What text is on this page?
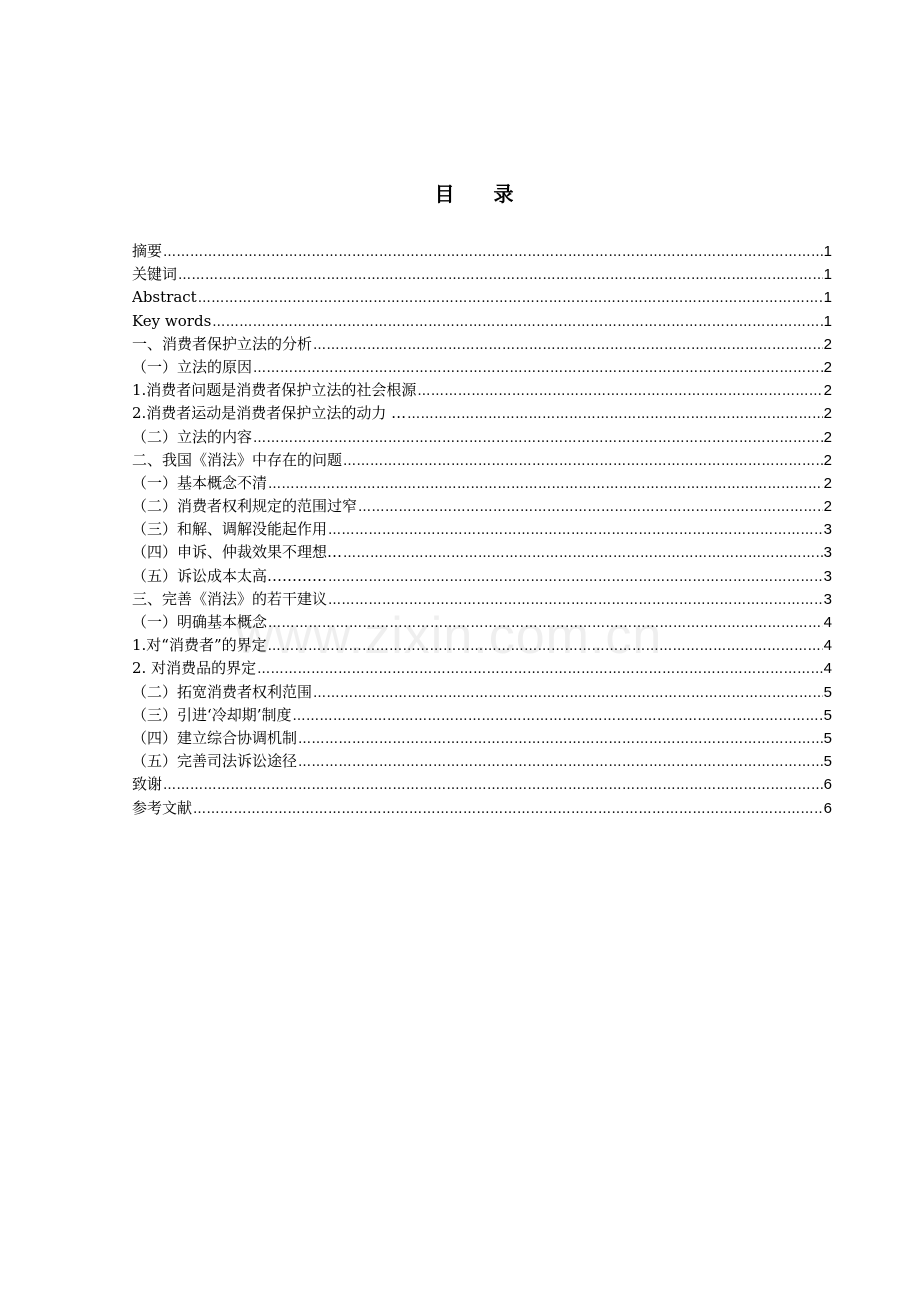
www.zixin.com.cn
目 录
摘要 ……………………………………………………………………………………………………………………………………………………………………………………………	1
关键词 ……………………………………………………………………………………………………………………………………………………………………………………………	1
Abstract ……………………………………………………………………………………………………………………………………………………………………………………………	1
Key words ……………………………………………………………………………………………………………………………………………………………………………………………	1
一、消费者保护立法的分析 ……………………………………………………………………………………………………………………………………………………………………………………………	2
（一）立法的原因 ……………………………………………………………………………………………………………………………………………………………………………………………	2
1.消费者问题是消费者保护立法的社会根源 ……………………………………………………………………………………………………………………………………………………………………………………………	2
2.消费者运动是消费者保护立法的动力 … ……………………………………………………………………………………………………………………………………………………………………………………………	2
（二）立法的内容 ……………………………………………………………………………………………………………………………………………………………………………………………	2
二、我国《消法》中存在的问题 ……………………………………………………………………………………………………………………………………………………………………………………………	2
（一）基本概念不清 ……………………………………………………………………………………………………………………………………………………………………………………………	2
（二）消费者权利规定的范围过窄 ……………………………………………………………………………………………………………………………………………………………………………………………	2
（三）和解、调解没能起作用 ……………………………………………………………………………………………………………………………………………………………………………………………	3
（四）申诉、仲裁效果不理想… ……………………………………………………………………………………………………………………………………………………………………………………………	3
（五）诉讼成本太高………… ……………………………………………………………………………………………………………………………………………………………………………………………	3
三、完善《消法》的若干建议 ……………………………………………………………………………………………………………………………………………………………………………………………	3
（一）明确基本概念 ……………………………………………………………………………………………………………………………………………………………………………………………	4
1.对“消费者”的界定 ……………………………………………………………………………………………………………………………………………………………………………………………	4
2. 对消费品的界定 ……………………………………………………………………………………………………………………………………………………………………………………………	4
（二）拓宽消费者权利范围 ……………………………………………………………………………………………………………………………………………………………………………………………	5
（三）引进‘冷却期’制度 ……………………………………………………………………………………………………………………………………………………………………………………………	5
（四）建立综合协调机制 ……………………………………………………………………………………………………………………………………………………………………………………………	5
（五）完善司法诉讼途径 ……………………………………………………………………………………………………………………………………………………………………………………………	5
致谢 ……………………………………………………………………………………………………………………………………………………………………………………………	6
参考文献 ……………………………………………………………………………………………………………………………………………………………………………………………	6
